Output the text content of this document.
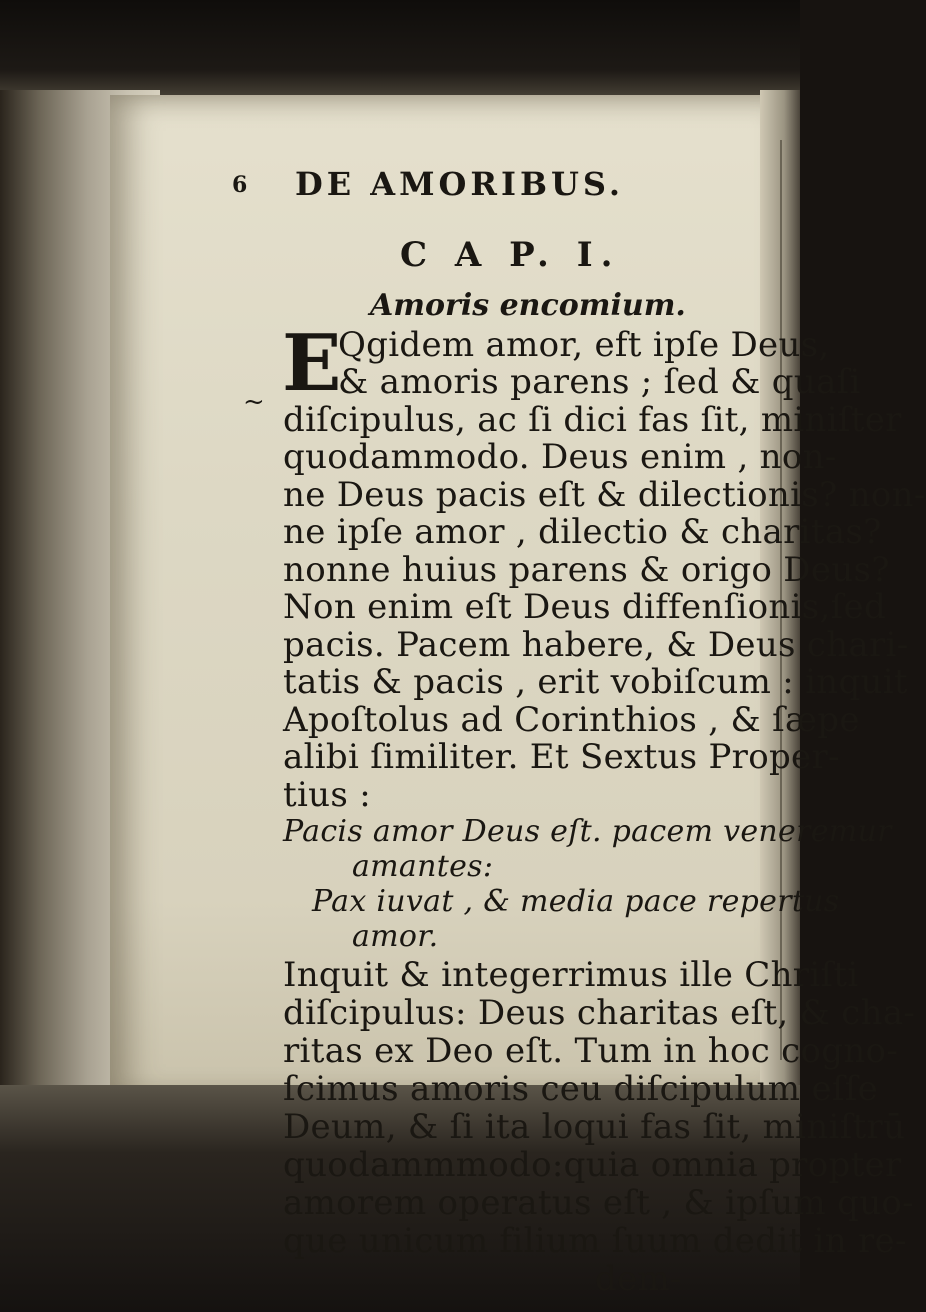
6 DE AMORIBUS.
C A P. I.
Amoris encomium.
E
~
Qgidem amor, eft ipſe Deus,
& amoris parens ; ſed & quaſi
diſcipulus, ac ſi dici fas ſit, miniſter
quodammodo. Deus enim , non-
ne Deus pacis eſt & dilectionis? non-
ne ipſe amor , dilectio & charitas?
nonne huius parens & origo Deus?
Non enim eſt Deus diffenſionis,ſed
pacis. Pacem habere, & Deus chari-
tatis & pacis , erit vobiſcum : inquit
Apoſtolus ad Corinthios , & ſæpe
alibi ſimiliter. Et Sextus Proper-
tius :
Pacis amor Deus eſt. pacem veneremur
amantes:
Pax iuvat , & media pace repertus
amor.
Inquit & integerrimus ille Chriſti
diſcipulus: Deus charitas eſt, & cha-
ritas ex Deo eſt. Tum in hoc cogno-
ſcimus amoris ceu diſcipulum eſſe
Deum, & ſi ita loqui fas ſit, miniſtrū
quodammmodo:quia omnia propter
amorem operatus eſt , & ipſum quo-
que unicum filium ſuum dedit in re-
dem-
